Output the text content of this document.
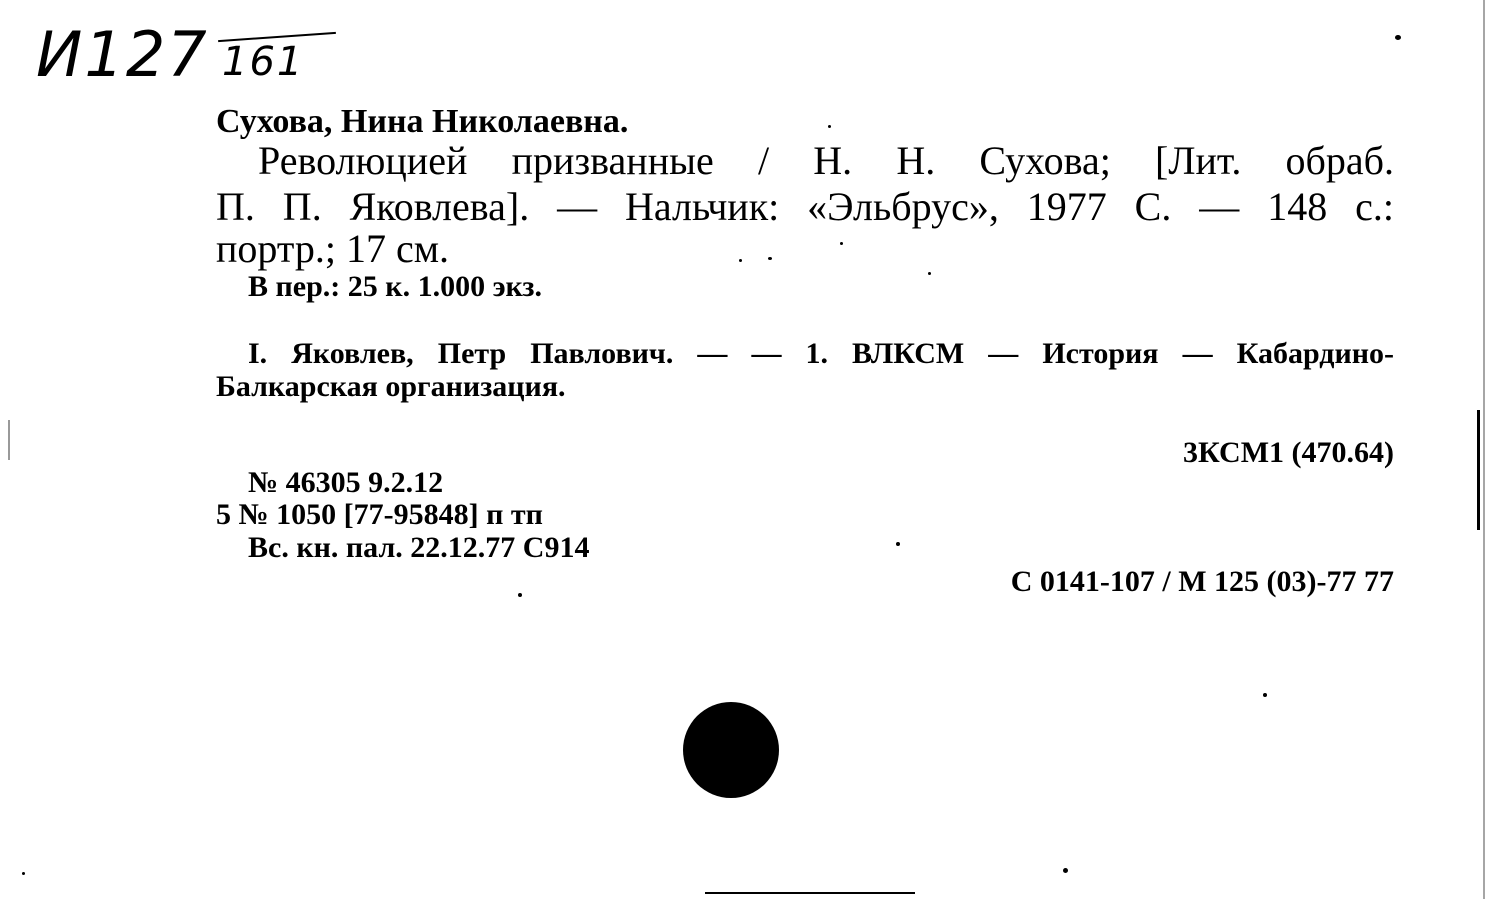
И127 161
Сухова, Нина Николаевна.
Революцией призванные / Н. Н. Сухова; [Лит. обраб.
П. П. Яковлева]. — Нальчик: «Эльбрус», 1977 С. — 148 с.:
портр.; 17 см.
В пер.: 25 к. 1.000 экз.
I. Яковлев, Петр Павлович. — — 1. ВЛКСМ — История — Кабардино-
Балкарская организация.
3КСМ1 (470.64)
№ 46305 9.2.12
5 № 1050 [77-95848] п тп
Вс. кн. пал. 22.12.77 С914
С 0141-107 / М 125 (03)-77 77
